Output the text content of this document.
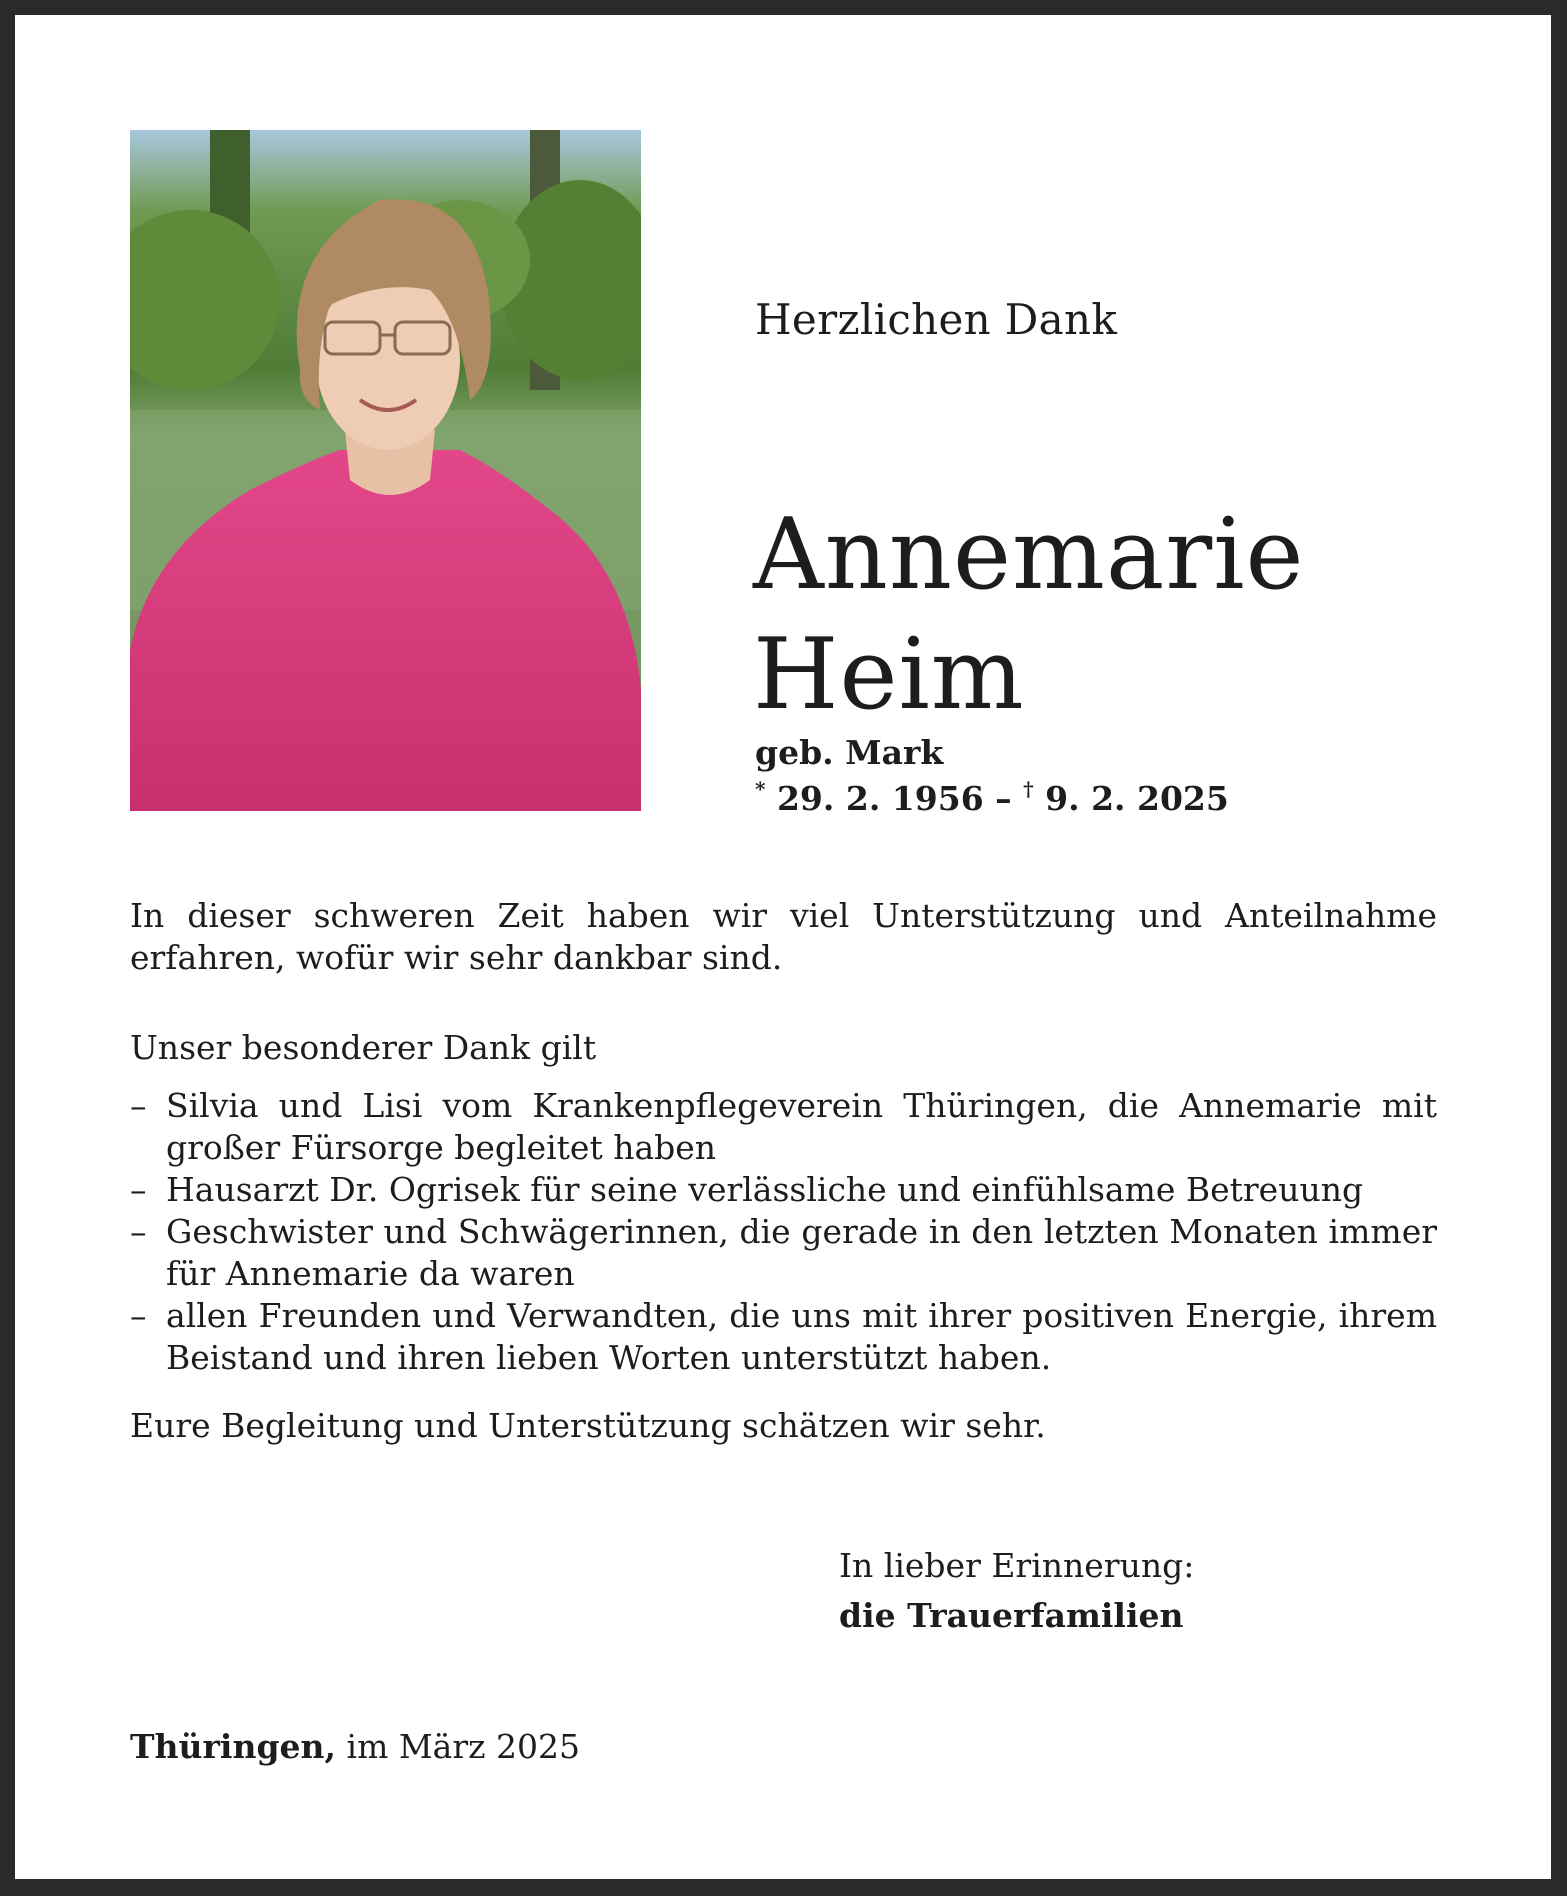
Herzlichen Dank
Annemarie
Heim
geb. Mark
* 29. 2. 1956 – † 9. 2. 2025
In dieser schweren Zeit haben wir viel Unterstützung und Anteilnahme erfahren, wofür wir sehr dankbar sind.
Unser besonderer Dank gilt
– Silvia und Lisi vom Krankenpflegeverein Thüringen, die Annemarie mit großer Fürsorge begleitet haben
– Hausarzt Dr. Ogrisek für seine verlässliche und einfühlsame Betreuung
– Geschwister und Schwägerinnen, die gerade in den letzten Monaten immer für Annemarie da waren
– allen Freunden und Verwandten, die uns mit ihrer positiven Energie, ihrem Beistand und ihren lieben Worten unterstützt haben.
Eure Begleitung und Unterstützung schätzen wir sehr.
In lieber Erinnerung:
die Trauerfamilien
Thüringen, im März 2025
